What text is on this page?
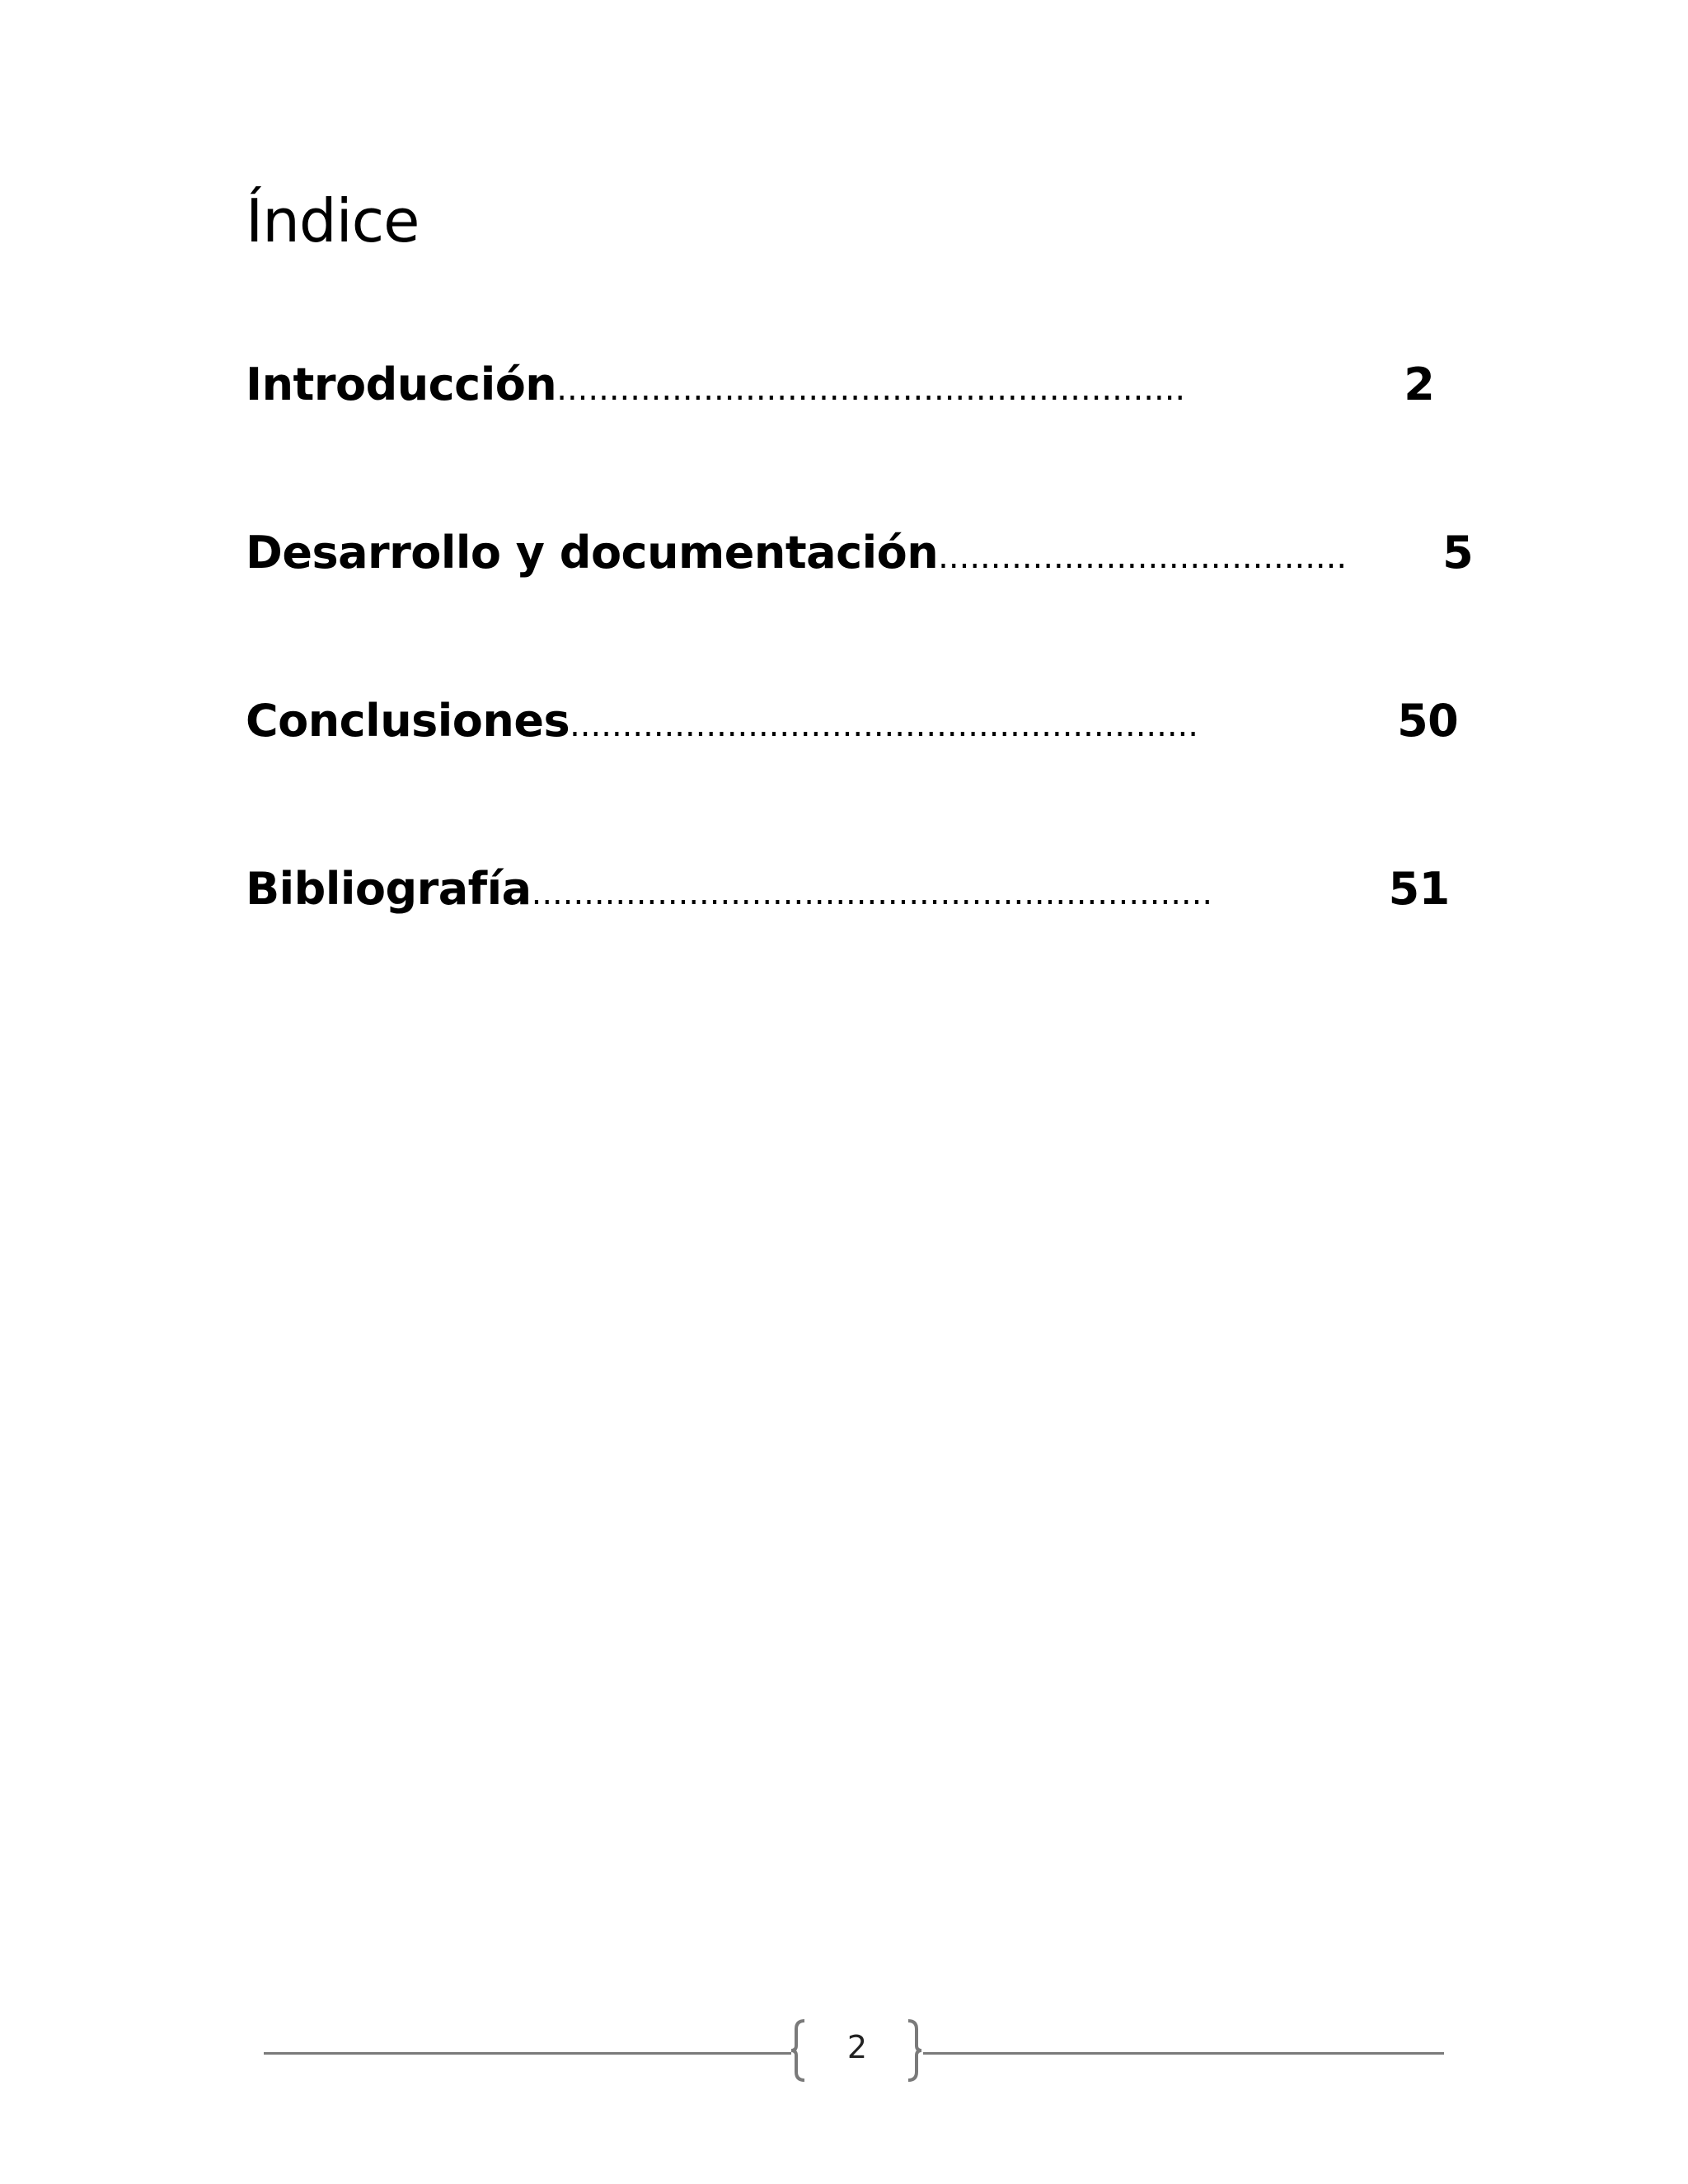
Índice
Introducción ............................................................	2
Desarrollo y documentación .......................................	5
Conclusiones ............................................................	50
Bibliografía .................................................................	51
2
